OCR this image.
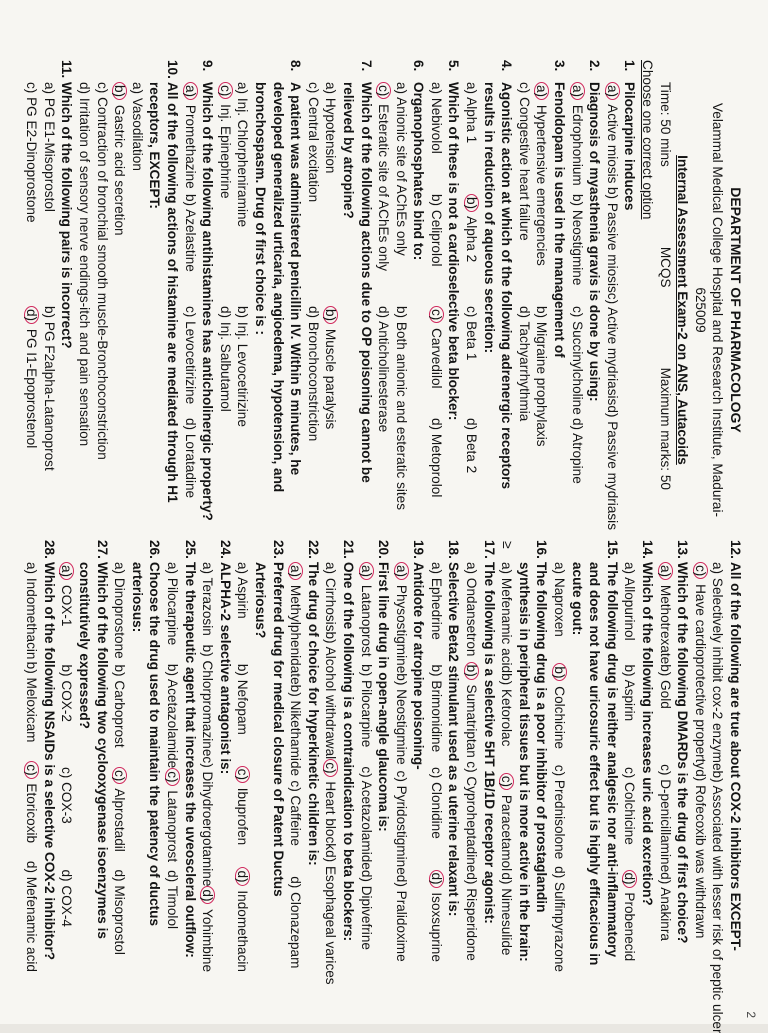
DEPARTMENT OF PHARMACOLOGY
Velammal Medical College Hospital and Research Institute, Madurai-625009
Internal Assessment Exam-2 on ANS, Autacoids
Time: 50 mins
MCQS
Maximum marks: 50
Choose one correct option
1.
Pilocarpine induces
a) Active miosis
b) Passive miosis
c) Active mydriasis
d) Passive mydriasis
2.
Diagnosis of myasthenia gravis is done by using:
a) Edrophonium
b) Neostigmine
c) Succinylcholine
d) Atropine
3.
Fenoldopam is used in the management of
a) Hypertensive emergencies
b) Migraine prophylaxis
c) Congestive heart failure
d) Tachyarrhythmia
4.
Agonistic action at which of the following adrenergic receptors results in reduction of aqueous secretion:
a) Alpha 1
b) Alpha 2
c) Beta 1
d) Beta 2
5.
Which of these is not a cardioselective beta blocker:
a) Nebivolol
b) Celiprolol
c) Carvedilol
d) Metoprolol
6.
Organophosphates bind to:
a) Anionic site of AChEs only
b) Both anionic and esteratic sites
c) Esteratic site of AChEs only
d) Anticholinesterase
7.
Which of the following actions due to OP poisoning cannot be relieved by atropine?
a) Hypotension
b) Muscle paralysis
c) Central excitation
d) Bronchoconstriction
8.
A patient was administered penicillin IV. Within 5 minutes, he developed generalized urticaria, angioedema, hypotension, and bronchospasm. Drug of first choice is :
a) Inj. Chlorpheniramine
b) Inj. Levocetirizine
c) Inj. Epinephrine
d) Inj. Salbutamol
9.
Which of the following antihistamines has anticholinergic property?
a) Promethazine
b) Azelastine
c) Levocetirizine
d) Loratadine
10.
All of the following actions of histamine are mediated through H1 receptors, EXCEPT:
a) Vasodilation
b) Gastric acid secretion
c) Contraction of bronchial smooth muscle-Bronchoconstriction
d) Irritation of sensory nerve endings-itch and pain sensation
11.
Which of the following pairs is incorrect?
a) PG E1-Misoprostol
b) PG F2alpha-Latanoprost
c) PG E2-Dinoprostone
d) PG I1-Epoprostenol
12.
All of the following are true about COX-2 inhibitors EXCEPT-
a) Selectively inhibit cox-2 enzyme
b) Associated with lesser risk of peptic ulcer
c) Have cardioprotective property
d) Rofecoxib was withdrawn
13.
Which of the following DMARDs is the drug of first choice?
a) Methotrexate
b) Gold
c) D-penicillamine
d) Anakinra
14.
Which of the following increases uric acid excretion?
a) Allopurinol
b) Aspirin
c) Colchicine
d) Probenecid
15.
The following drug is neither analgesic nor anti-inflammatory and does not have uricosuric effect but is highly efficacious in acute gout:
a) Naproxen
b) Colchicine
c) Prednisolone
d) Sulfinpyrazone
16.
The following drug is a poor inhibitor of prostaglandin synthesis in peripheral tissues but is more active in the brain:
a) Mefenamic acid
b) Ketorolac
c) Paracetamol
d) Nimesulide
17.
The following is a selective 5HT 1B/1D receptor agonist:
a) Ondansetron
b) Sumatriptan
c) Cyproheptadine
d) Risperidone
18.
Selective Beta2 stimulant used as a uterine relaxant is:
a) Ephedrine
b) Brimonidine
c) Clonidine
d) Isoxsuprine
19.
Antidote for atropine poisoning-
a) Physostigmine
b) Neostigmine
c) Pyridostigmine
d) Pralidoxime
20.
First line drug in open-angle glaucoma is:
a) Latanoprost
b) Pilocarpine
c) Acetazolamide
d) Dipivefrine
21.
One of the following is a contraindication to beta blockers:
a) Cirrhosis
b) Alcohol withdrawal
c) Heart block
d) Esophageal varices
22.
The drug of choice for hyperkinetic children is:
a) Methylphenidate
b) Nikethamide
c) Caffeine
d) Clonazepam
23.
Preferred drug for medical closure of Patent Ductus Arteriosus?
a) Aspirin
b) Nefopam
c) Ibuprofen
d) Indomethacin
24.
ALPHA-2 selective antagonist is:
a) Terazosin
b) Chlorpromazine
c) Dihydroergotamine
d) Yohimbine
25.
The therapeutic agent that increases the uveoscleral outflow:
a) Pilocarpine
b) Acetazolamide
c) Latanoprost
d) Timolol
26.
Choose the drug used to maintain the patency of ductus arteriosus:
a) Dinoprostone
b) Carboprost
c) Alprostadil
d) Misoprostol
27.
Which of the following two cyclooxygenase isoenzymes is constitutively expressed?
a) COX-1
b) COX-2
c) COX-3
d) COX-4
28.
Which of the following NSAIDs is a selective COX-2 inhibitor?
a) Indomethacin
b) Meloxicam
c) Etoricoxib
d) Mefenamic acid
2
≥
